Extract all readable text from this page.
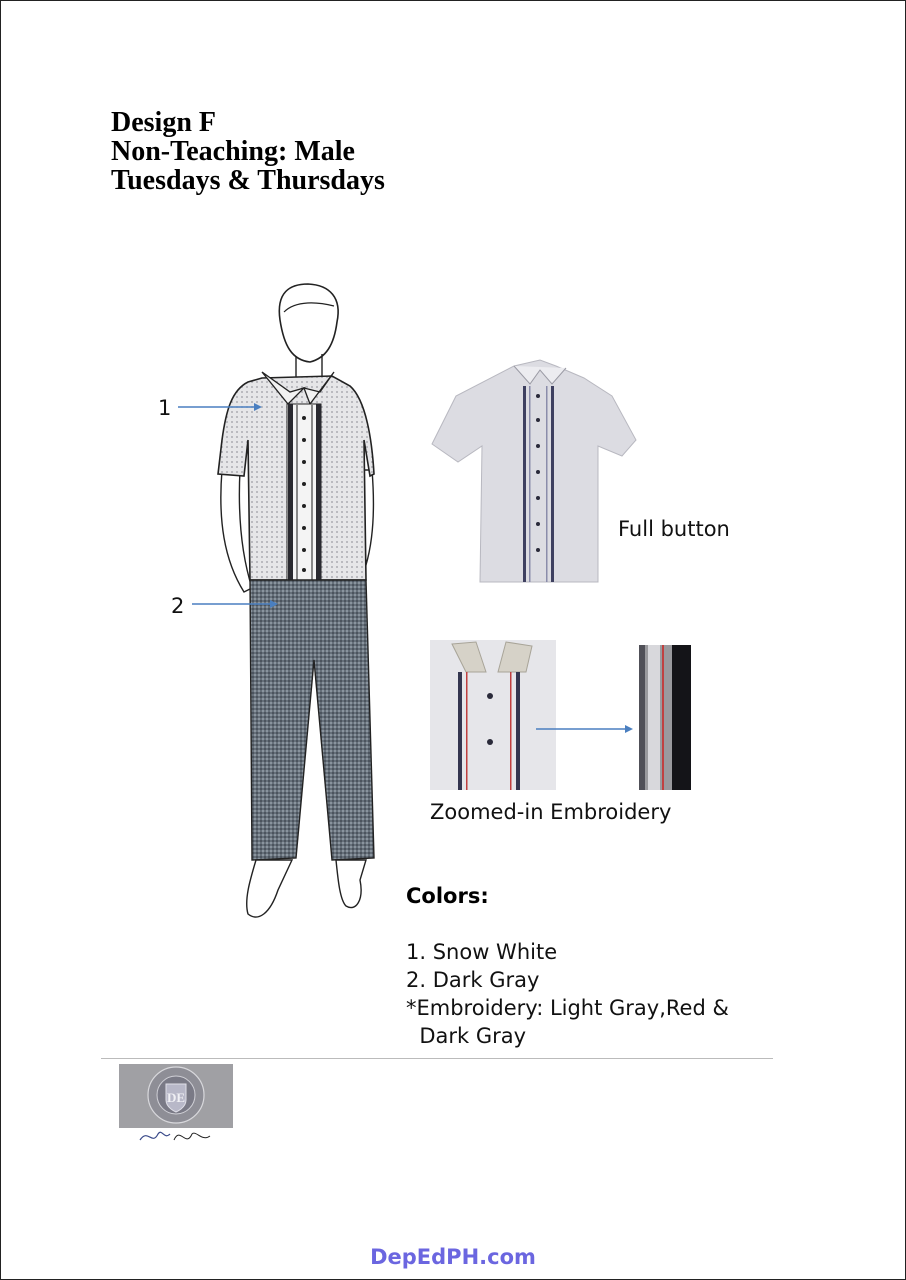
Design F
Non-Teaching: Male
Tuesdays & Thursdays
1
2
Full button
Zoomed-in Embroidery
Colors:
1. Snow White
2. Dark Gray
*Embroidery: Light Gray,Red &
Dark Gray
DE
DepEdPH.com
